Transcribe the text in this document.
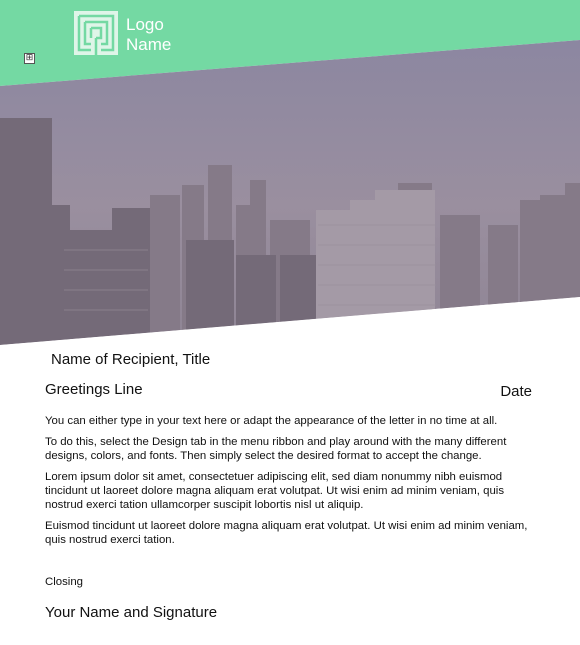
Logo
Name
⊞
Name of Recipient, Title
Greetings Line	Date

You can either type in your text here or adapt the appearance of the letter in no time at all.

To do this, select the Design tab in the menu ribbon and play around with the many different designs, colors, and fonts. Then simply select the desired format to accept the change.

Lorem ipsum dolor sit amet, consectetuer adipiscing elit, sed diam nonummy nibh euismod tincidunt ut laoreet dolore magna aliquam erat volutpat. Ut wisi enim ad minim veniam, quis nostrud exerci tation ullamcorper suscipit lobortis nisl ut aliquip.

Euismod tincidunt ut laoreet dolore magna aliquam erat volutpat. Ut wisi enim ad minim veniam, quis nostrud exerci tation.

Closing
Your Name and Signature
